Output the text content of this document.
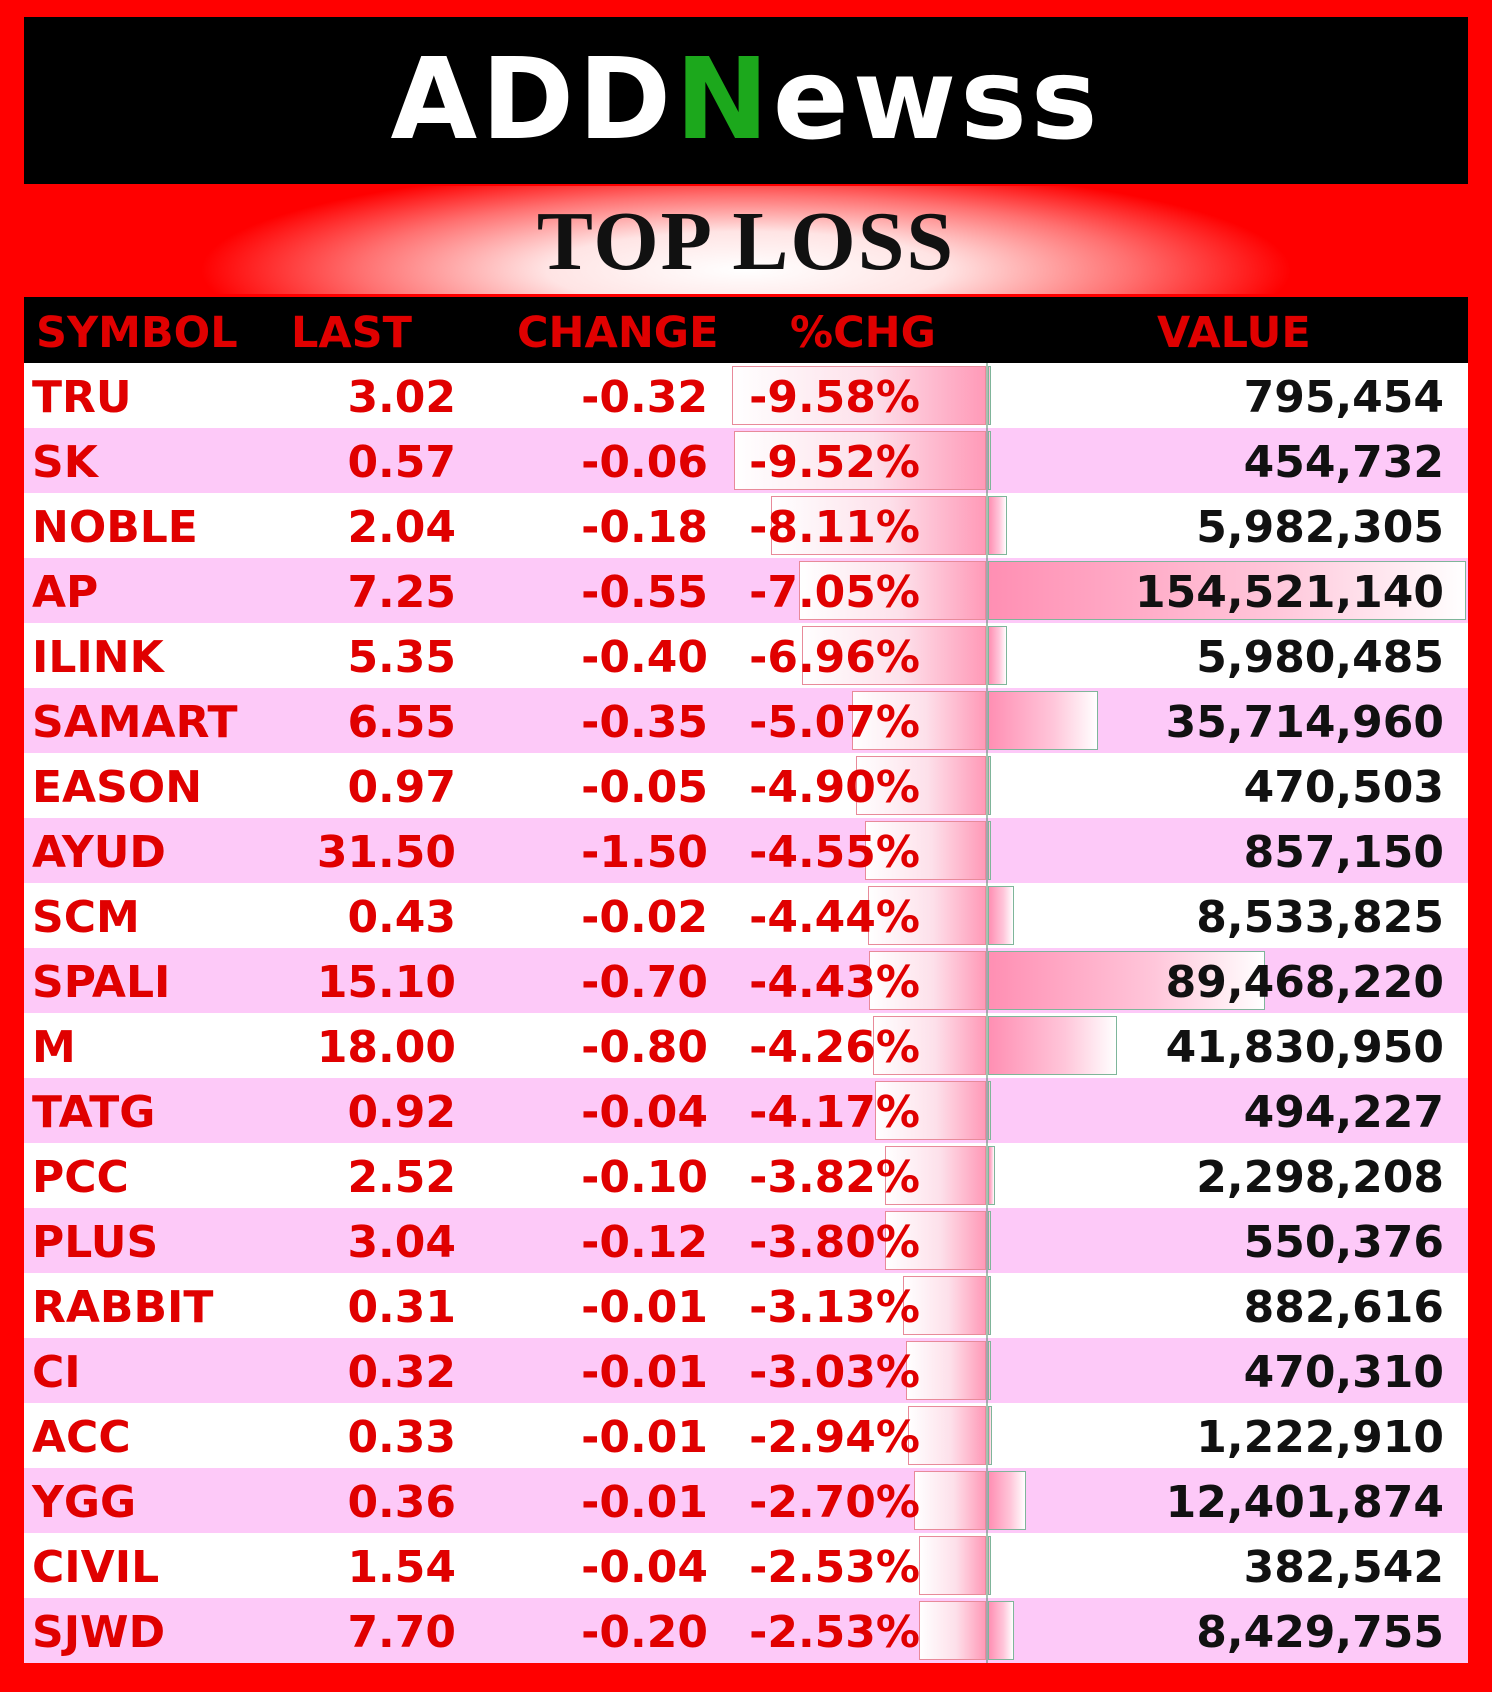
ADDNewss
TOP LOSS
SYMBOL LAST CHANGE %CHG	VALUE
TRU	3.02	-0.32 -9.58%	795,454
SK	0.57	-0.06 -9.52%	454,732
NOBLE	2.04	-0.18 -8.11%	5,982,305
AP	7.25	-0.55 -7.05%	154,521,140
ILINK	5.35	-0.40 -6.96%	5,980,485
SAMART 6.55	-0.35 -5.07%	35,714,960
EASON	0.97	-0.05 -4.90%	470,503
AYUD	31.50	-1.50 -4.55%	857,150
SCM	0.43	-0.02 -4.44%	8,533,825
SPALI	15.10	-0.70 -4.43%	89,468,220
M	18.00	-0.80 -4.26%	41,830,950
TATG	0.92	-0.04 -4.17%	494,227
PCC	2.52	-0.10 -3.82%	2,298,208
PLUS	3.04	-0.12 -3.80%	550,376
RABBIT	0.31	-0.01 -3.13%	882,616
CI	0.32	-0.01 -3.03%	470,310
ACC	0.33	-0.01 -2.94%	1,222,910
YGG	0.36	-0.01 -2.70%	12,401,874
CIVIL	1.54	-0.04 -2.53%	382,542
SJWD	7.70	-0.20 -2.53%	8,429,755
